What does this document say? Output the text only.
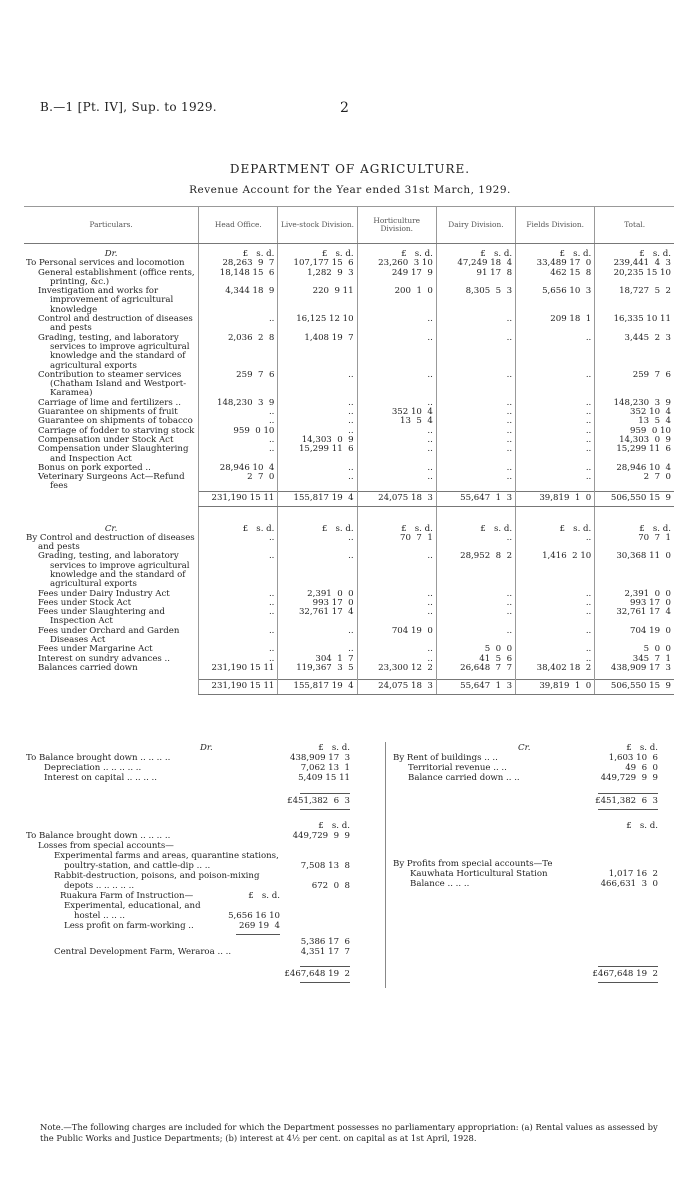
B.—1 [Pt. IV], Sup. to 1929.	2
DEPARTMENT OF AGRICULTURE.
Revenue Account for the Year ended 31st March, 1929.
Particulars.	Head Office.	Live-stock Division.	Horticulture Division.	Dairy Division.	Fields Division.	Total.

Dr.	£   s. d.	£   s. d.	£   s. d.	£   s. d.	£   s. d.	£   s. d.
To Personal services and locomotion	28,263  9  7	107,177 15  6	23,260  3 10	47,249 18  4	33,489 17  0	239,441  4  3
General establishment (office rents, printing, &c.)	18,148 15  6	1,282  9  3	249 17  9	91 17  8	462 15  8	20,235 15 10
Investigation and works for improvement of agricultural knowledge	4,344 18  9	220  9 11	200  1  0	8,305  5  3	5,656 10  3	18,727  5  2
Control and destruction of diseases and pests	..	16,125 12 10	..	..	209 18  1	16,335 10 11
Grading, testing, and laboratory services to improve agricultural knowledge and the standard of agricultural exports	2,036  2  8	1,408 19  7	..	..	..	3,445  2  3
Contribution to steamer services (Chatham Island and Westport-Karamea)	259  7  6	..	..	..	..	259  7  6
Carriage of lime and fertilizers ..	148,230  3  9	..	..	..	..	148,230  3  9
Guarantee on shipments of fruit	..	..	352 10  4	..	..	352 10  4
Guarantee on shipments of tobacco	..	..	13  5  4	..	..	13  5  4
Carriage of fodder to starving stock	959  0 10	..	..	..	..	959  0 10
Compensation under Stock Act	..	14,303  0  9	..	..	..	14,303  0  9
Compensation under Slaughtering and Inspection Act	..	15,299 11  6	..	..	..	15,299 11  6
Bonus on pork exported ..	28,946 10  4	..	..	..	..	28,946 10  4
Veterinary Surgeons Act—Refund fees	2  7  0	..	..	..	..	2  7  0
	231,190 15 11	155,817 19  4	24,075 18  3	55,647  1  3	39,819  1  0	506,550 15  9

Cr.	£   s. d.	£   s. d.	£   s. d.	£   s. d.	£   s. d.	£   s. d.
By Control and destruction of diseases and pests	..	..	70  7  1	..	..	70  7  1
Grading, testing, and laboratory services to improve agricultural knowledge and the standard of agricultural exports	..	..	..	28,952  8  2	1,416  2 10	30,368 11  0
Fees under Dairy Industry Act	..	2,391  0  0	..	..	..	2,391  0  0
Fees under Stock Act	..	993 17  0	..	..	..	993 17  0
Fees under Slaughtering and Inspection Act	..	32,761 17  4	..	..	..	32,761 17  4
Fees under Orchard and Garden Diseases Act	..	..	704 19  0	..	..	704 19  0
Fees under Margarine Act	..	..	..	5  0  0	..	5  0  0
Interest on sundry advances ..	..	304  1  7	..	41  5  6	..	345  7  1
Balances carried down	231,190 15 11	119,367  3  5	23,300 12  2	26,648  7  7	38,402 18  2	438,909 17  3

	231,190 15 11	155,817 19  4	24,075 18  3	55,647  1  3	39,819  1  0	506,550 15  9
Dr.	Cr.
£   s. d.	£   s. d.
To Balance brought down .. .. .. ..	438,909 17  3
Depreciation .. .. .. .. ..	7,062 13  1
Interest on capital .. .. .. ..	5,409 15 11
£451,382  6  3
By Rent of buildings .. ..	1,603 10  6
Territorial revenue .. ..	49  6  0
Balance carried down .. ..	449,729  9  9
£451,382  6  3
£   s. d.	£   s. d.
To Balance brought down .. .. .. ..	449,729  9  9
Losses from special accounts—
Experimental farms and areas, quarantine stations,
poultry-station, and cattle-dip .. ..	7,508 13  8
Rabbit-destruction, poisons, and poison-mixing
depots .. .. .. .. ..	672  0  8
Ruakura Farm of Instruction—	£   s. d.
Experimental, educational, and
hostel .. .. ..	5,656 16 10
Less profit on farm-working ..	269 19  4
5,386 17  6
Central Development Farm, Weraroa .. ..	4,351 17  7
£467,648 19  2
By Profits from special accounts—Te
Kauwhata Horticultural Station	1,017 16  2
Balance .. .. ..	466,631  3  0
£467,648 19  2
Note.—The following charges are included for which the Department possesses no parliamentary appropriation: (a) Rental values as assessed by the Public Works and Justice Departments; (b) interest at 4½ per cent. on capital as at 1st April, 1928.
